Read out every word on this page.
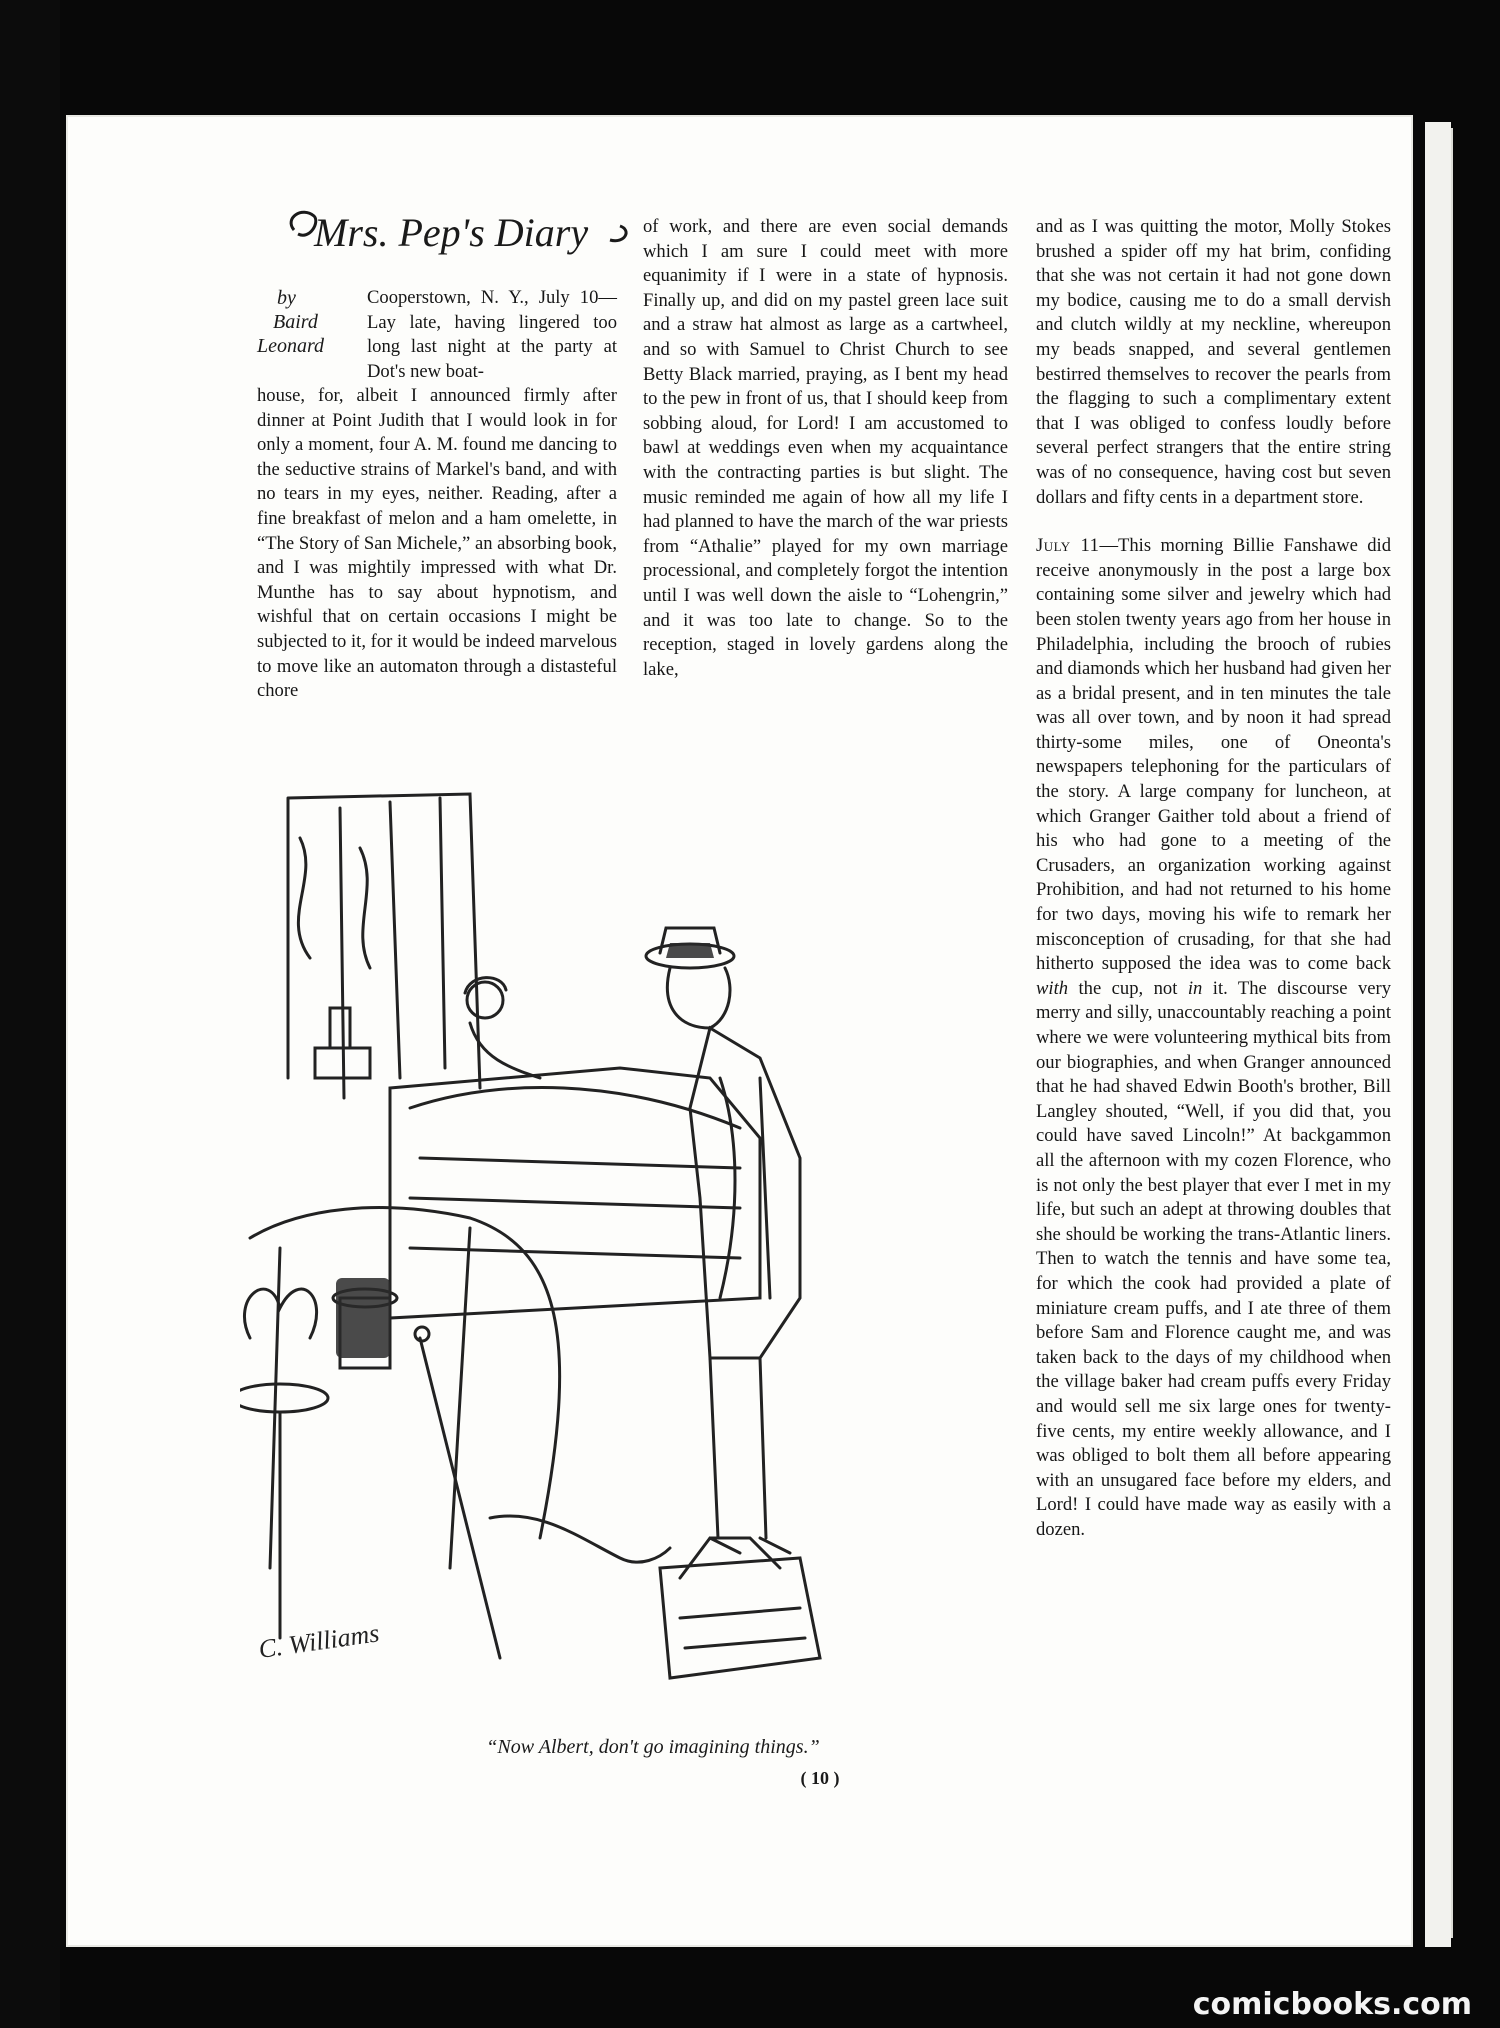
Mrs. Pep's Diary
by
Baird
Leonard

Cooperstown, N. Y., July 10—Lay late, having lingered too long last night at the party at Dot's new boat-

house, for, albeit I announced firmly after dinner at Point Judith that I would look in for only a moment, four A. M. found me dancing to the seductive strains of Markel's band, and with no tears in my eyes, neither. Reading, after a fine breakfast of melon and a ham omelette, in “The Story of San Michele,” an absorbing book, and I was mightily impressed with what Dr. Munthe has to say about hypnotism, and wishful that on certain occasions I might be subjected to it, for it would be indeed marvelous to move like an automaton through a distasteful chore

of work, and there are even social demands which I am sure I could meet with more equanimity if I were in a state of hypnosis. Finally up, and did on my pastel green lace suit and a straw hat almost as large as a cartwheel, and so with Samuel to Christ Church to see Betty Black married, praying, as I bent my head to the pew in front of us, that I should keep from sobbing aloud, for Lord! I am accustomed to bawl at weddings even when my acquaintance with the contracting parties is but slight. The music reminded me again of how all my life I had planned to have the march of the war priests from “Athalie” played for my own marriage processional, and completely forgot the intention until I was well down the aisle to “Lohengrin,” and it was too late to change. So to the reception, staged in lovely gardens along the lake,

and as I was quitting the motor, Molly Stokes brushed a spider off my hat brim, confiding that she was not certain it had not gone down my bodice, causing me to do a small dervish and clutch wildly at my neckline, whereupon my beads snapped, and several gentlemen bestirred themselves to recover the pearls from the flagging to such a complimentary extent that I was obliged to confess loudly before several perfect strangers that the entire string was of no consequence, having cost but seven dollars and fifty cents in a department store.

July 11—This morning Billie Fanshawe did receive anonymously in the post a large box containing some silver and jewelry which had been stolen twenty years ago from her house in Philadelphia, including the brooch of rubies and diamonds which her husband had given her as a bridal present, and in ten minutes the tale was all over town, and by noon it had spread thirty-some miles, one of Oneonta's newspapers telephoning for the particulars of the story. A large company for luncheon, at which Granger Gaither told about a friend of his who had gone to a meeting of the Crusaders, an organization working against Prohibition, and had not returned to his home for two days, moving his wife to remark her misconception of crusading, for that she had hitherto supposed the idea was to come back with the cup, not in it. The discourse very merry and silly, unaccountably reaching a point where we were volunteering mythical bits from our biographies, and when Granger announced that he had shaved Edwin Booth's brother, Bill Langley shouted, “Well, if you did that, you could have saved Lincoln!” At backgammon all the afternoon with my cozen Florence, who is not only the best player that ever I met in my life, but such an adept at throwing doubles that she should be working the trans-Atlantic liners. Then to watch the tennis and have some tea, for which the cook had provided a plate of miniature cream puffs, and I ate three of them before Sam and Florence caught me, and was taken back to the days of my childhood when the village baker had cream puffs every Friday and would sell me six large ones for twenty-five cents, my entire weekly allowance, and I was obliged to bolt them all before appearing with an unsugared face before my elders, and Lord! I could have made way as easily with a dozen.

C. Williams
“Now Albert, don't go imagining things.”
( 10 )
comicbooks.com
